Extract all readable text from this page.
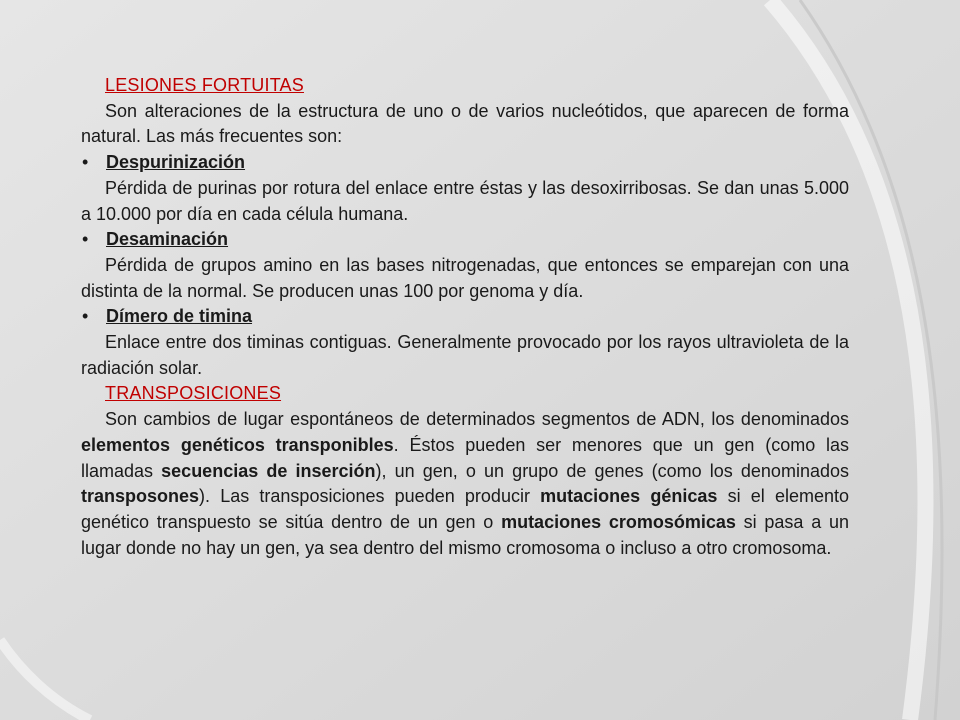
LESIONES FORTUITAS

Son alteraciones de la estructura de uno o de varios nucleótidos, que aparecen de forma natural. Las más frecuentes son:

• Despurinización

Pérdida de purinas por rotura del enlace entre éstas y las desoxirribosas. Se dan unas 5.000 a 10.000 por día en cada célula humana.

• Desaminación

Pérdida de grupos amino en las bases nitrogenadas, que entonces se emparejan con una distinta de la normal. Se producen unas 100 por genoma y día.

• Dímero de timina

Enlace entre dos timinas contiguas. Generalmente provocado por los rayos ultravioleta de la radiación solar.

TRANSPOSICIONES

Son cambios de lugar espontáneos de determinados segmentos de ADN, los denominados elementos genéticos transponibles. Éstos pueden ser menores que un gen (como las llamadas secuencias de inserción), un gen, o un grupo de genes (como los denominados transposones). Las transposiciones pueden producir mutaciones génicas si el elemento genético transpuesto se sitúa dentro de un gen o mutaciones cromosómicas si pasa a un lugar donde no hay un gen, ya sea dentro del mismo cromosoma o incluso a otro cromosoma.
